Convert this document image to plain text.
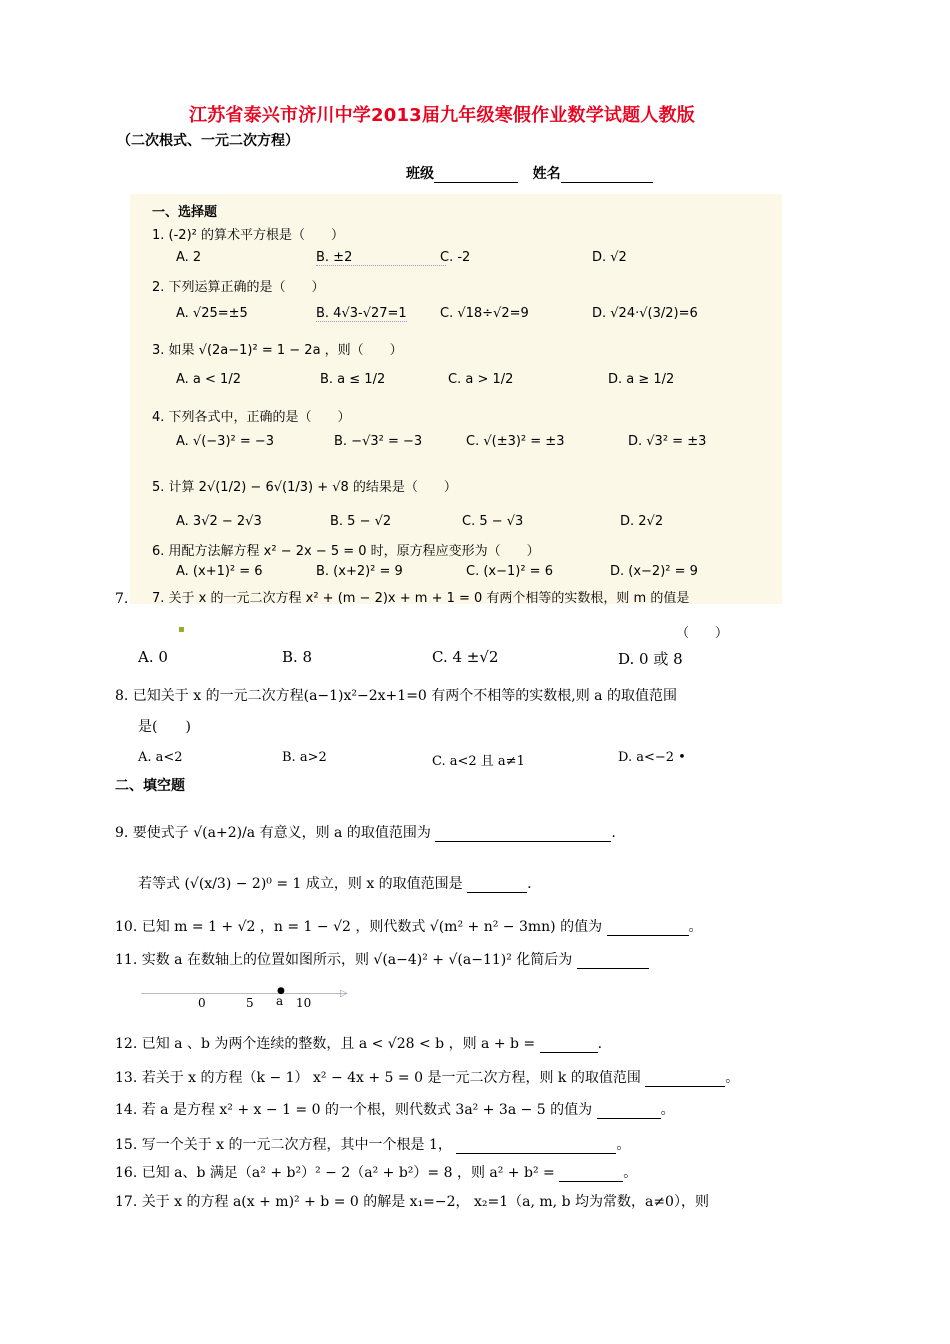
江苏省泰兴市济川中学2013届九年级寒假作业数学试题人教版
（二次根式、一元二次方程）
班级	姓名
一、选择题
1. (-2)² 的算术平方根是（　　）
A. 2	B. ±2	C. -2	D. √2
2. 下列运算正确的是（　　）
A. √25=±5	B. 4√3-√27=1	C. √18÷√2=9	D. √24·√(3/2)=6
3. 如果 √(2a−1)² = 1 − 2a ，则（　　）
A. a < 1/2	B. a ≤ 1/2	C. a > 1/2	D. a ≥ 1/2
4. 下列各式中，正确的是（　　）
A. √(−3)² = −3	B. −√3² = −3	C. √(±3)² = ±3	D. √3² = ±3
5. 计算 2√(1/2) − 6√(1/3) + √8 的结果是（　　）
A. 3√2 − 2√3	B. 5 − √2	C. 5 − √3	D. 2√2
6. 用配方法解方程 x² − 2x − 5 = 0 时，原方程应变形为（　　）
A. (x+1)² = 6	B. (x+2)² = 9	C. (x−1)² = 6	D. (x−2)² = 9
7. 关于 x 的一元二次方程 x² + (m − 2)x + m + 1 = 0 有两个相等的实数根，则 m 的值是
7.
▪	（　　）
A. 0	B. 8	C. 4 ±√2	D. 0 或 8
8. 已知关于 x 的一元二次方程(a−1)x²−2x+1=0 有两个不相等的实数根,则 a 的取值范围
是(　　)
A. a<2	B. a>2	C. a<2 且 a≠1	D. a<−2 •
二、填空题
9. 要使式子 √(a+2)/a 有意义，则 a 的取值范围为	.
若等式 (√(x/3) − 2)⁰ = 1 成立，则 x 的取值范围是	.
10. 已知 m = 1 + √2 ，n = 1 − √2 ，则代数式 √(m² + n² − 3mn) 的值为	。
11. 实数 a 在数轴上的位置如图所示，则 √(a−4)² + √(a−11)² 化简后为
▷
0	5 a
●
10
12. 已知 a 、b 为两个连续的整数，且 a < √28 < b ，则 a + b =	.
13. 若关于 x 的方程（k − 1） x² − 4x + 5 = 0 是一元二次方程，则 k 的取值范围	。
14. 若 a 是方程 x² + x − 1 = 0 的一个根，则代数式 3a² + 3a − 5 的值为	。
15. 写一个关于 x 的一元二次方程，其中一个根是 1，	。
16. 已知 a、b 满足（a² + b²）² − 2（a² + b²）= 8 ，则 a² + b² =	。
17. 关于 x 的方程 a(x + m)² + b = 0 的解是 x₁=−2， x₂=1（a, m, b 均为常数，a≠0），则
